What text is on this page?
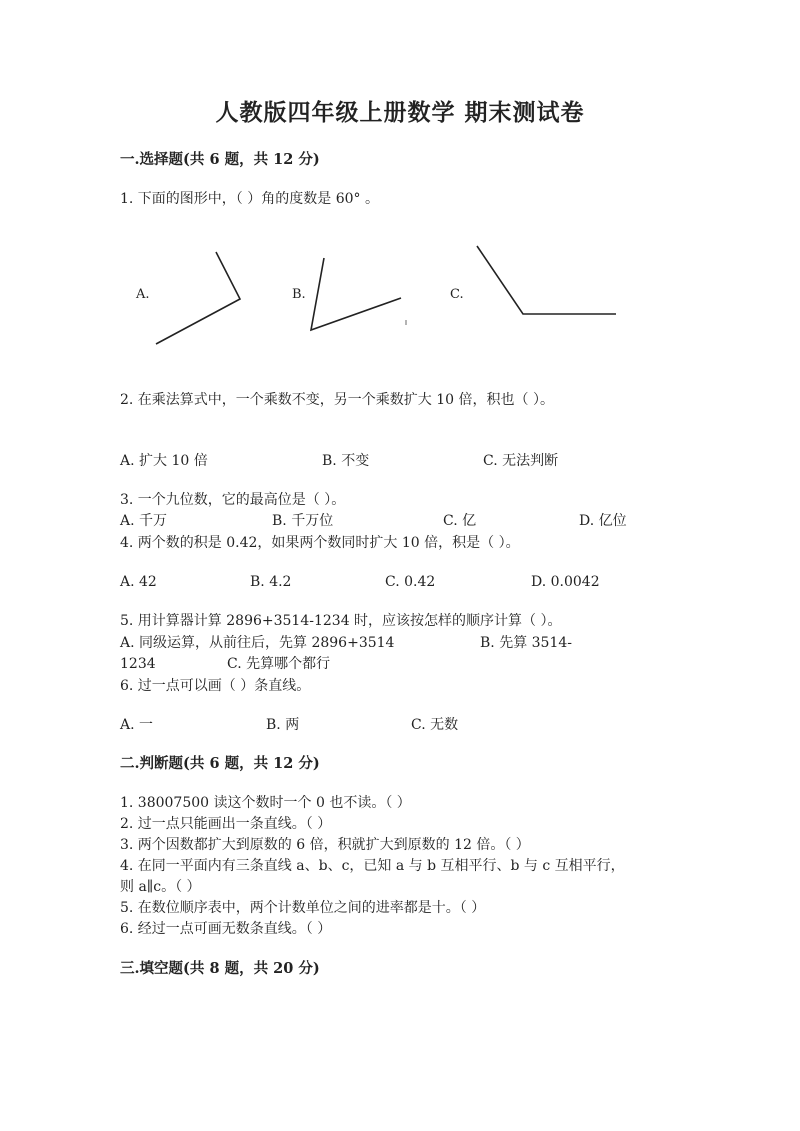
人教版四年级上册数学 期末测试卷
一.选择题(共 6 题，共 12 分)
1. 下面的图形中，（ ）角的度数是 60° 。
A.	B.	C.
2. 在乘法算式中，一个乘数不变，另一个乘数扩大 10 倍，积也（ ）。
A. 扩大 10 倍	B. 不变	C. 无法判断
3. 一个九位数，它的最高位是（ ）。
A. 千万	B. 千万位	C. 亿	D. 亿位
4. 两个数的积是 0.42，如果两个数同时扩大 10 倍，积是（ ）。
A. 42	B. 4.2	C. 0.42	D. 0.0042
5. 用计算器计算 2896+3514-1234 时，应该按怎样的顺序计算（ ）。
A. 同级运算，从前往后，先算 2896+3514	B. 先算 3514-
1234	C. 先算哪个都行
6. 过一点可以画（ ）条直线。
A. 一	B. 两	C. 无数
二.判断题(共 6 题，共 12 分)
1. 38007500 读这个数时一个 0 也不读。（ ）
2. 过一点只能画出一条直线。（ ）
3. 两个因数都扩大到原数的 6 倍，积就扩大到原数的 12 倍。（ ）
4. 在同一平面内有三条直线 a、b、c，已知 a 与 b 互相平行、b 与 c 互相平行，
则 a∥c。（ ）
5. 在数位顺序表中，两个计数单位之间的进率都是十。（ ）
6. 经过一点可画无数条直线。（ ）
三.填空题(共 8 题，共 20 分)
